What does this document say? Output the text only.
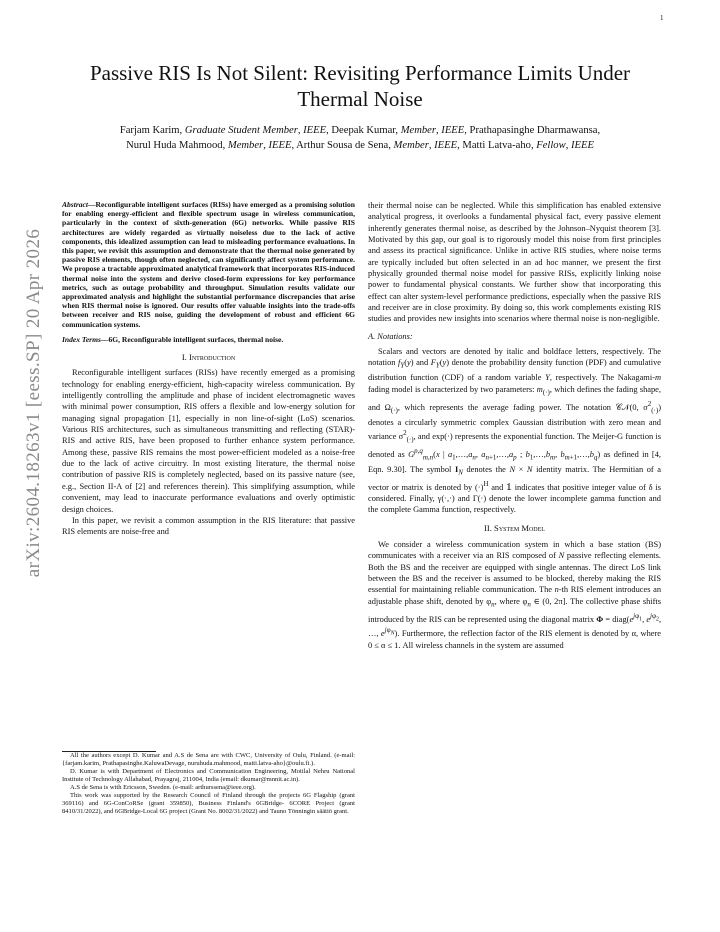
1
arXiv:2604.18263v1 [eess.SP] 20 Apr 2026
Passive RIS Is Not Silent: Revisiting Performance Limits Under Thermal Noise
Farjam Karim, Graduate Student Member, IEEE, Deepak Kumar, Member, IEEE, Prathapasinghe Dharmawansa,
Nurul Huda Mahmood, Member, IEEE, Arthur Sousa de Sena, Member, IEEE, Matti Latva-aho, Fellow, IEEE
Abstract—Reconfigurable intelligent surfaces (RISs) have emerged as a promising solution for enabling energy-efficient and flexible spectrum usage in wireless communication, particularly in the context of sixth-generation (6G) networks. While passive RIS architectures are widely regarded as virtually noiseless due to the lack of active components, this idealized assumption can lead to misleading performance evaluations. In this paper, we revisit this assumption and demonstrate that the thermal noise generated by passive RIS elements, though often neglected, can significantly affect system performance. We propose a tractable approximated analytical framework that incorporates RIS-induced thermal noise into the system and derive closed-form expressions for key performance metrics, such as outage probability and throughput. Simulation results validate our approximated analysis and highlight the substantial performance discrepancies that arise when RIS thermal noise is ignored. Our results offer valuable insights into the trade-offs between receiver and RIS noise, guiding the development of robust and efficient 6G communication systems.
Index Terms—6G, Reconfigurable intelligent surfaces, thermal noise.
I. Introduction

Reconfigurable intelligent surfaces (RISs) have recently emerged as a promising technology for enabling energy-efficient, high-capacity wireless communication. By intelligently controlling the amplitude and phase of incident electromagnetic waves with minimal power consumption, RIS offers a flexible and low-energy solution for managing signal propagation [1], especially in non line-of-sight (LoS) scenarios. Various RIS architectures, such as simultaneous transmitting and reflecting (STAR)-RIS and active RIS, have been proposed to further enhance system performance. Among these, passive RIS remains the most power-efficient modeled as a noise-free due to the lack of active circuitry. In most existing literature, the thermal noise contribution of passive RIS is completely neglected, based on its passive nature (see, e.g., Section II-A of [2] and references therein). This simplifying assumption, while convenient, may lead to inaccurate performance evaluations and overly optimistic design choices.

In this paper, we revisit a common assumption in the RIS literature: that passive RIS elements are noise-free and

their thermal noise can be neglected. While this simplification has enabled extensive analytical progress, it overlooks a fundamental physical fact, every passive element inherently generates thermal noise, as described by the Johnson–Nyquist theorem [3]. Motivated by this gap, our goal is to rigorously model this noise from first principles and assess its practical significance. Unlike in active RIS studies, where noise terms are typically included but often selected in an ad hoc manner, we present the first physically grounded thermal noise model for passive RISs, explicitly linking noise power to fundamental physical constants. We further show that incorporating this effect can alter system-level performance predictions, especially when the passive RIS and receiver are in close proximity. By doing so, this work complements existing RIS studies and provides new insights into scenarios where thermal noise is non-negligible.

A. Notations:

Scalars and vectors are denoted by italic and boldface letters, respectively. The notation $f_Y(y)$ and $F_Y(y)$ denote the probability density function (PDF) and cumulative distribution function (CDF) of a random variable Y, respectively. The Nakagami-m fading model is characterized by two parameters: $m_{(\cdot)}$, which defines the fading shape, and $\Omega_{(\cdot)}$, which represents the average fading power. The notation 𝒞𝒩(0, $\sigma^2_{(\cdot)}$) denotes a circularly symmetric complex Gaussian distribution with zero mean and variance $\sigma^2_{(\cdot)}$, and exp(·) represents the exponential function. The Meijer-G function is denoted as G$^{p,q}_{m,n}$(x | $a_1,\dots,a_n$, $a_{n+1},\dots,a_p$ ; $b_1,\dots,b_m$, $b_{m+1},\dots,b_q$) as defined in [4, Eqn. 9.30]. The symbol $I_N$ denotes the N × N identity matrix. The Hermitian of a vector or matrix is denoted by $(\cdot)^H$ and 𝟙 indicates that positive integer value of δ is considered. Finally, γ(·,·) and Γ(·) denote the lower incomplete gamma function and the complete Gamma function, respectively.

II. System Model

We consider a wireless communication system in which a base station (BS) communicates with a receiver via an RIS composed of N passive reflecting elements. Both the BS and the receiver are equipped with single antennas. The direct LoS link between the BS and the receiver is assumed to be blocked, thereby making the RIS essential for maintaining reliable communication. The n-th RIS element introduces an adjustable phase shift, denoted by $\varphi_n$, where $\varphi_n$ ∈ (0, 2π]. The collective phase shifts introduced by the RIS can be represented using the diagonal matrix $\Phi = diag(e^{j\varphi_1}$, $e^{j\varphi_2}$, …, $e^{j\varphi_N}$). Furthermore, the reflection factor of the RIS element is denoted by α, where 0 ≤ α ≤ 1. All wireless channels in the system are assumed

All the authors except D. Kumar and A.S de Sena are with CWC, University of Oulu, Finland. (e-mail: {farjam.karim, Prathapasinghe.KaluwaDevage, nuruhuda.mahmood, matti.latva-aho}@oulu.fi.).

D. Kumar is with Department of Electronics and Communication Engineering, Motilal Nehru National Institute of Technology Allahabad, Prayagraj, 211004, India (email: dkumar@mnnit.ac.in).

A.S de Sena is with Ericsson, Sweden. (e-mail: arthurssena@ieee.org).

This work was supported by the Research Council of Finland through the projects 6G Flagship (grant 369116) and 6G-ConCoRSe (grant 359850), Business Finland's 6GBridge- 6CORE Project (grant 8410/31/2022), and 6GBridge-Local 6G project (Grant No. 8002/31/2022) and Tauno Tönningin säätiö grant.
